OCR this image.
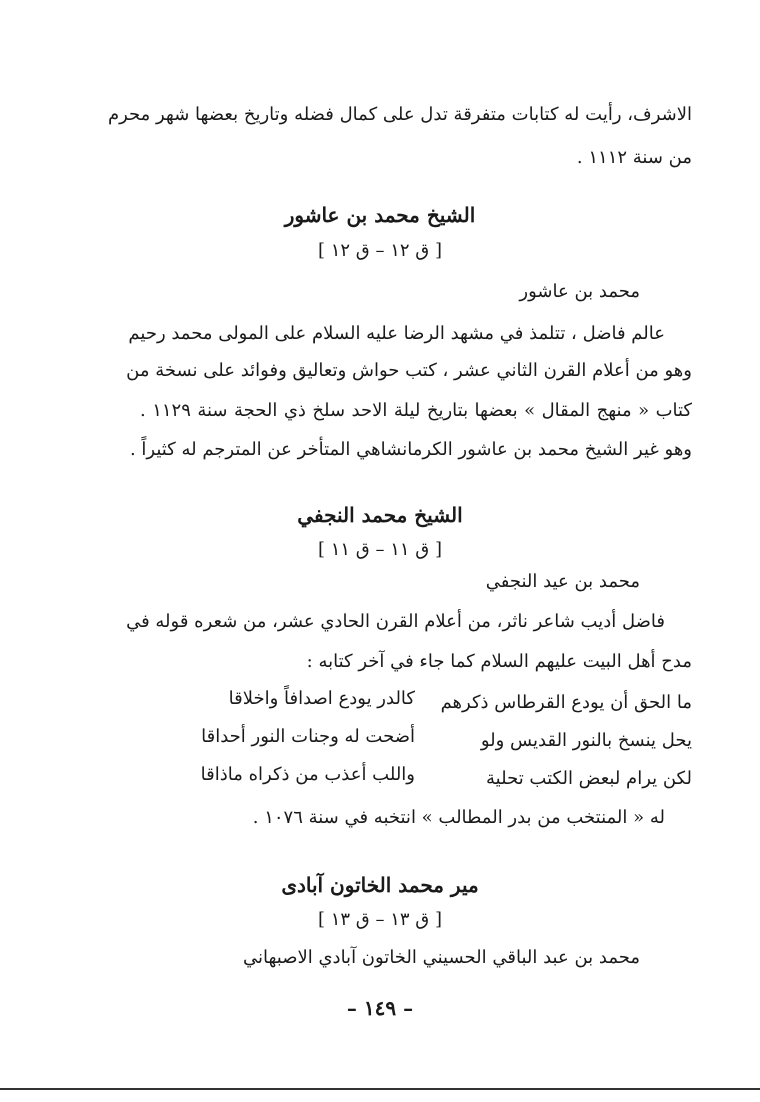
الاشرف، رأيت له كتابات متفرقة تدل على كمال فضله وتاريخ بعضها شهر محرم
من سنة ١١١٢ .
الشيخ محمد بن عاشور
[ ق ١٢ – ق ١٢ ]
محمد بن عاشور
عالم فاضل ، تتلمذ في مشهد الرضا عليه السلام على المولى محمد رحيم
وهو من أعلام القرن الثاني عشر ، كتب حواش وتعاليق وفوائد على نسخة من
كتاب « منهج المقال » بعضها بتاريخ ليلة الاحد سلخ ذي الحجة سنة ١١٢٩ .
وهو غير الشيخ محمد بن عاشور الكرمانشاهي المتأخر عن المترجم له كثيراً .
الشيخ محمد النجفي
[ ق ١١ – ق ١١ ]
محمد بن عيد النجفي
فاضل أديب شاعر ناثر، من أعلام القرن الحادي عشر، من شعره قوله في
مدح أهل البيت عليهم السلام كما جاء في آخر كتابه :
ما الحق أن يودع القرطاس ذكرهم
كالدر يودع اصدافاً واخلاقا
يحل ينسخ بالنور القديس ولو
أضحت له وجنات النور أحداقا
لكن يرام لبعض الكتب تحلية
واللب أعذب من ذكراه ماذاقا
له « المنتخب من بدر المطالب » انتخبه في سنة ١٠٧٦ .
مير محمد الخاتون آبادى
[ ق ١٣ – ق ١٣ ]
محمد بن عبد الباقي الحسيني الخاتون آبادي الاصبهاني
– ١٤٩ –
